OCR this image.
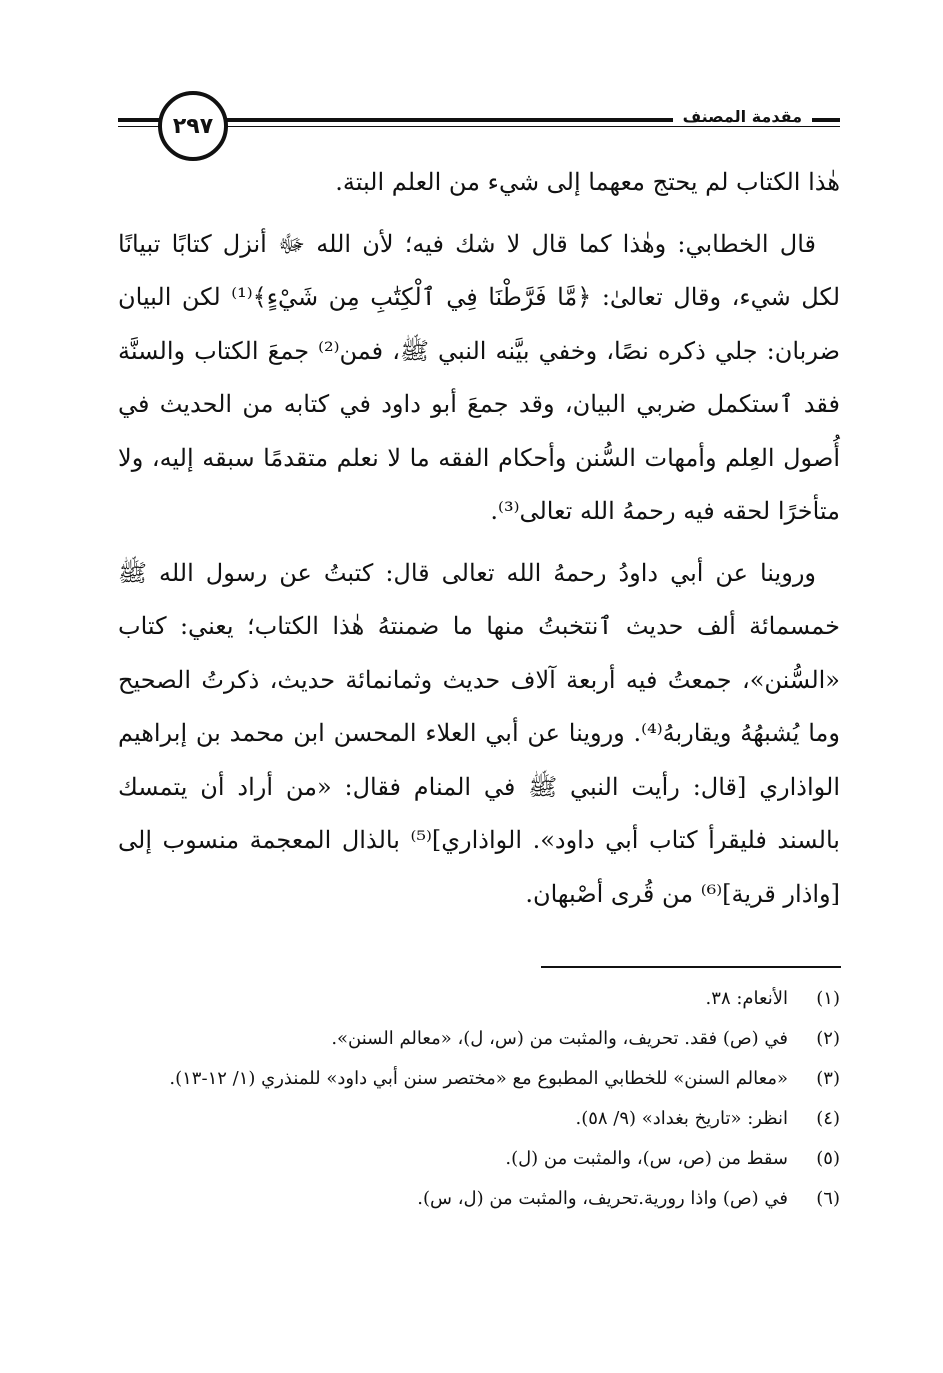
مقدمة المصنف
٢٩٧

هٰذا الكتاب لم يحتج معهما إلى شيء من العلم البتة.

قال الخطابي: وهٰذا كما قال لا شك فيه؛ لأن الله ﷻ أنزل كتابًا تبيانًا لكل شيء، وقال تعالىٰ: ﴿مَّا فَرَّطْنَا فِي ٱلْكِتَٰبِ مِن شَيْءٍ﴾⁽¹⁾ لكن البيان ضربان: جلي ذكره نصًا، وخفي بيَّنه النبي ﷺ، فمن⁽²⁾ جمعَ الكتاب والسنَّة فقد ٱستكمل ضربي البيان، وقد جمعَ أبو داود في كتابه من الحديث في أُصول العِلم وأمهات السُّنن وأحكام الفقه ما لا نعلم متقدمًا سبقه إليه، ولا متأخرًا لحقه فيه رحمهُ الله تعالى⁽³⁾.

وروينا عن أبي داودُ رحمهُ الله تعالى قال: كتبتُ عن رسول الله ﷺ خمسمائة ألف حديث ٱنتخبتُ منها ما ضمنتهُ هٰذا الكتاب؛ يعني: كتاب «السُّنن»، جمعتُ فيه أربعة آلاف حديث وثمانمائة حديث، ذكرتُ الصحيح وما يُشبهُهُ ويقاربهُ⁽⁴⁾. وروينا عن أبي العلاء المحسن ابن محمد بن إبراهيم الواذاري [قال: رأيت النبي ﷺ في المنام فقال: «من أراد أن يتمسك بالسند فليقرأ كتاب أبي داود». الواذاري]⁽⁵⁾ بالذال المعجمة منسوب إلى [واذار قرية]⁽⁶⁾ من قُرى أصْبهان.

(١)
الأنعام: ٣٨.
(٢)
في (ص) فقد. تحريف، والمثبت من (س، ل)، «معالم السنن».
(٣)
«معالم السنن» للخطابي المطبوع مع «مختصر سنن أبي داود» للمنذري (١/ ١٢-١٣).
(٤)
انظر: «تاريخ بغداد» (٩/ ٥٨).
(٥)
سقط من (ص، س)، والمثبت من (ل).
(٦)
في (ص) واذا رورية.تحريف، والمثبت من (ل، س).
